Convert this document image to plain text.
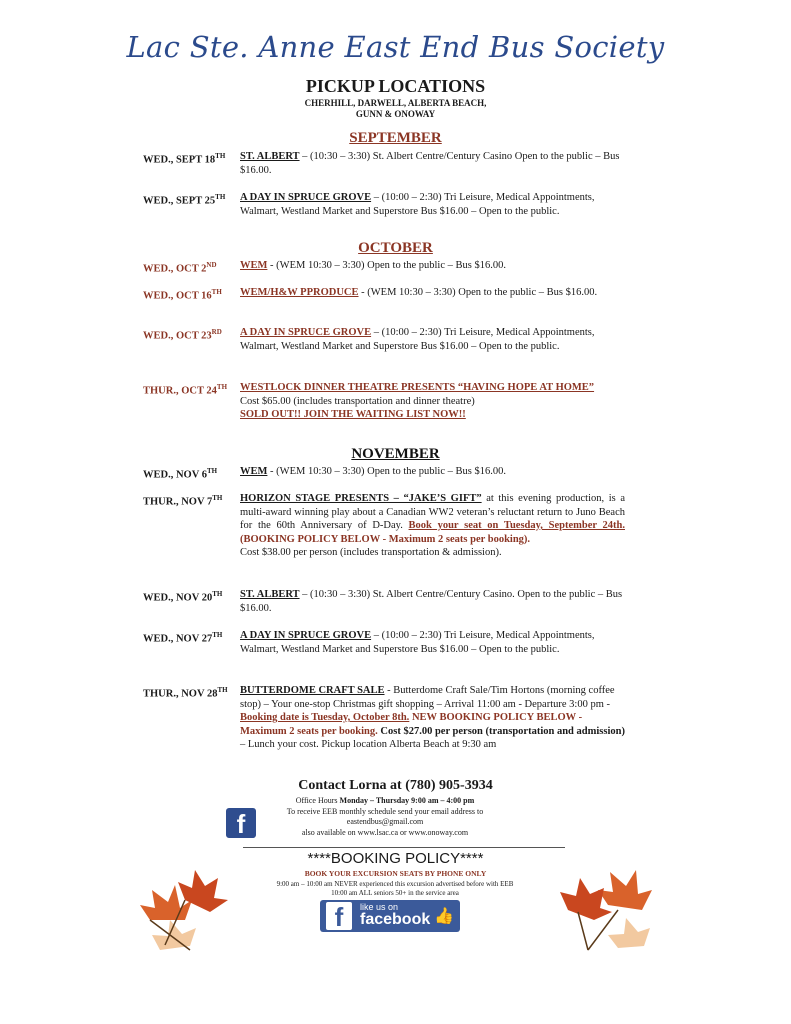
Lac Ste. Anne East End Bus Society
PICKUP LOCATIONS
CHERHILL, DARWELL, ALBERTA BEACH,
GUNN & ONOWAY
SEPTEMBER
WED., SEPT 18TH ST. ALBERT – (10:30 – 3:30) St. Albert Centre/Century Casino Open to the public – Bus $16.00.
WED., SEPT 25TH A DAY IN SPRUCE GROVE – (10:00 – 2:30) Tri Leisure, Medical Appointments, Walmart, Westland Market and Superstore Bus $16.00 – Open to the public.
OCTOBER
WED., OCT 2ND WEM - (WEM 10:30 – 3:30) Open to the public – Bus $16.00.
WED., OCT 16TH WEM/H&W PPRODUCE - (WEM 10:30 – 3:30) Open to the public – Bus $16.00.
WED., OCT 23RD A DAY IN SPRUCE GROVE – (10:00 – 2:30) Tri Leisure, Medical Appointments, Walmart, Westland Market and Superstore Bus $16.00 – Open to the public.
THUR., OCT 24TH WESTLOCK DINNER THEATRE PRESENTS “HAVING HOPE AT HOME”
Cost $65.00 (includes transportation and dinner theatre)
SOLD OUT!! JOIN THE WAITING LIST NOW!!
NOVEMBER
WED., NOV 6TH WEM - (WEM 10:30 – 3:30) Open to the public – Bus $16.00.
THUR., NOV 7TH HORIZON STAGE PRESENTS – “JAKE’S GIFT” at this evening production, is a multi-award winning play about a Canadian WW2 veteran’s reluctant return to Juno Beach for the 60th Anniversary of D-Day. Book your seat on Tuesday, September 24th. (BOOKING POLICY BELOW - Maximum 2 seats per booking).
Cost $38.00 per person (includes transportation & admission).
WED., NOV 20TH ST. ALBERT – (10:30 – 3:30) St. Albert Centre/Century Casino. Open to the public – Bus $16.00.
WED., NOV 27TH A DAY IN SPRUCE GROVE – (10:00 – 2:30) Tri Leisure, Medical Appointments, Walmart, Westland Market and Superstore Bus $16.00 – Open to the public.
THUR., NOV 28TH BUTTERDOME CRAFT SALE - Butterdome Craft Sale/Tim Hortons (morning coffee stop) – Your one-stop Christmas gift shopping – Arrival 11:00 am - Departure 3:00 pm - Booking date is Tuesday, October 8th. NEW BOOKING POLICY BELOW - Maximum 2 seats per booking. Cost $27.00 per person (transportation and admission) – Lunch your cost. Pickup location Alberta Beach at 9:30 am
Contact Lorna at (780) 905-3934
Office Hours Monday – Thursday 9:00 am – 4:00 pm
To receive EEB monthly schedule send your email address to
eastendbus@gmail.com
also available on www.lsac.ca or www.onoway.com
f
****BOOKING POLICY****
BOOK YOUR EXCURSION SEATS BY PHONE ONLY
9:00 am – 10:00 am NEVER experienced this excursion advertised before with EEB
10:00 am ALL seniors 50+ in the service area
f	like us on
facebook 👍
